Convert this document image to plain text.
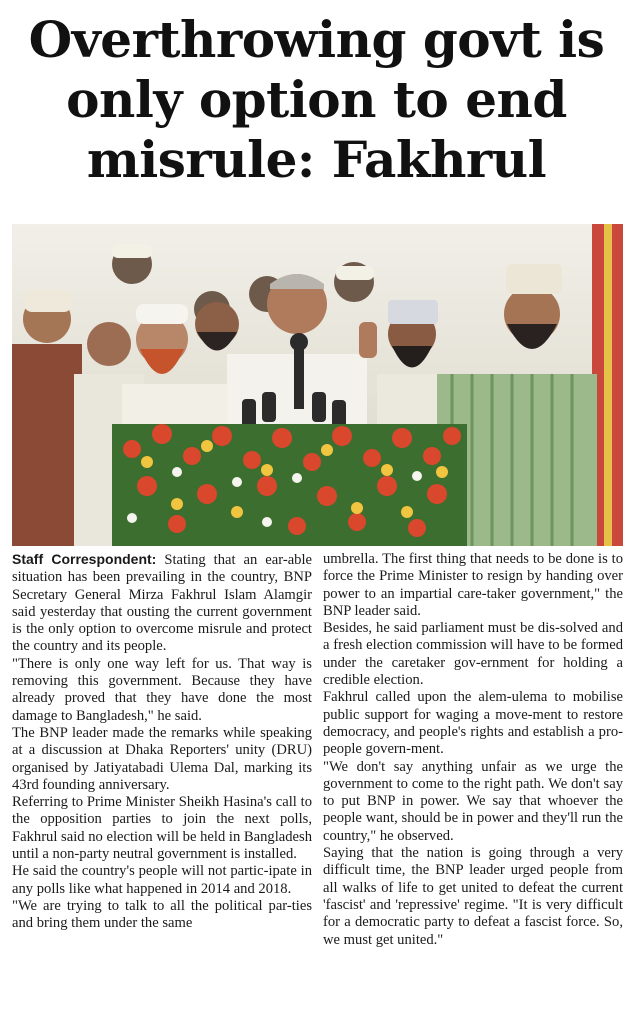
Overthrowing govt is only option to end misrule: Fakhrul

Staff Correspondent: Stating that an ear-able situation has been prevailing in the country, BNP Secretary General Mirza Fakhrul Islam Alamgir said yesterday that ousting the current government is the only option to overcome misrule and protect the country and its people.

"There is only one way left for us. That way is removing this government. Because they have already proved that they have done the most damage to Bangladesh," he said.

The BNP leader made the remarks while speaking at a discussion at Dhaka Reporters' unity (DRU) organised by Jatiyatabadi Ulema Dal, marking its 43rd founding anniversary.

Referring to Prime Minister Sheikh Hasina's call to the opposition parties to join the next polls, Fakhrul said no election will be held in Bangladesh until a non-party neutral government is installed.

He said the country's people will not partic-ipate in any polls like what happened in 2014 and 2018.

"We are trying to talk to all the political par-ties and bring them under the same

umbrella. The first thing that needs to be done is to force the Prime Minister to resign by handing over power to an impartial care-taker government," the BNP leader said.

Besides, he said parliament must be dis-solved and a fresh election commission will have to be formed under the caretaker gov-ernment for holding a credible election.

Fakhrul called upon the alem-ulema to mobilise public support for waging a move-ment to restore democracy, and people's rights and establish a pro-people govern-ment.

"We don't say anything unfair as we urge the government to come to the right path. We don't say to put BNP in power. We say that whoever the people want, should be in power and they'll run the country," he observed.

Saying that the nation is going through a very difficult time, the BNP leader urged people from all walks of life to get united to defeat the current 'fascist' and 'repressive' regime. "It is very difficult for a democratic party to defeat a fascist force. So, we must get united."
